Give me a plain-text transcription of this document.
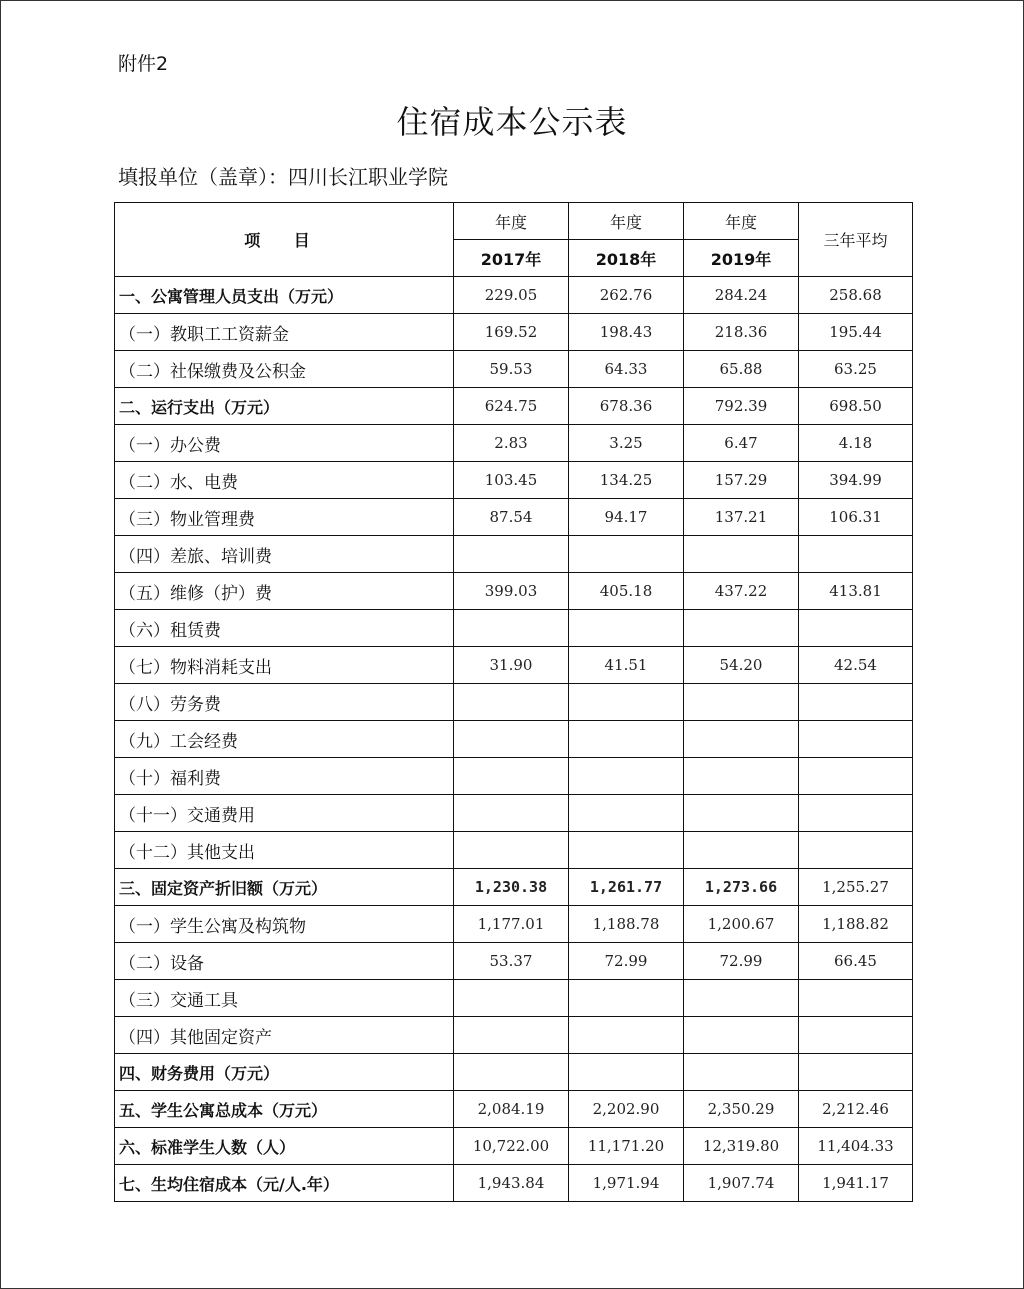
附件2
住宿成本公示表
填报单位（盖章）：四川长江职业学院
项 目	年度	年度	年度	三年平均
	2017年	2018年	2019年	
一、公寓管理人员支出（万元）	229.05	262.76	284.24	258.68
（一）教职工工资薪金	169.52	198.43	218.36	195.44
（二）社保缴费及公积金	59.53	64.33	65.88	63.25
二、运行支出（万元）	624.75	678.36	792.39	698.50
（一）办公费	2.83	3.25	6.47	4.18
（二）水、电费	103.45	134.25	157.29	394.99
（三）物业管理费	87.54	94.17	137.21	106.31
（四）差旅、培训费				
（五）维修（护）费	399.03	405.18	437.22	413.81
（六）租赁费				
（七）物料消耗支出	31.90	41.51	54.20	42.54
（八）劳务费				
（九）工会经费				
（十）福利费				
（十一）交通费用				
（十二）其他支出				
三、固定资产折旧额（万元）	1,230.38	1,261.77	1,273.66	1,255.27
（一）学生公寓及构筑物	1,177.01	1,188.78	1,200.67	1,188.82
（二）设备	53.37	72.99	72.99	66.45
（三）交通工具				
（四）其他固定资产				
四、财务费用（万元）				
五、学生公寓总成本（万元）	2,084.19	2,202.90	2,350.29	2,212.46
六、标准学生人数（人）	10,722.00	11,171.20	12,319.80	11,404.33
七、生均住宿成本（元/人.年）	1,943.84	1,971.94	1,907.74	1,941.17
